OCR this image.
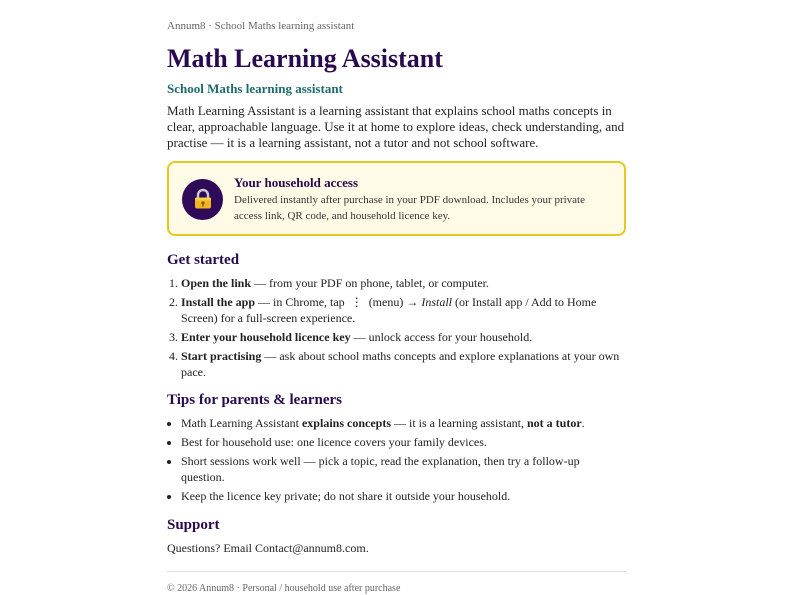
Annum8 · School Maths learning assistant
Math Learning Assistant
School Maths learning assistant

Math Learning Assistant is a learning assistant that explains school maths concepts in clear, approachable language. Use it at home to explore ideas, check understanding, and practise — it is a learning assistant, not a tutor and not school software.

Your household access
Delivered instantly after purchase in your PDF download. Includes your private access link, QR code, and household licence key.
Get started
1. Open the link — from your PDF on phone, tablet, or computer.
2. Install the app — in Chrome, tap ⋮ (menu) → Install (or Install app / Add to Home Screen) for a full-screen experience.
3. Enter your household licence key — unlock access for your household.
4. Start practising — ask about school maths concepts and explore explanations at your own pace.
Tips for parents & learners
• Math Learning Assistant explains concepts — it is a learning assistant, not a tutor.
• Best for household use: one licence covers your family devices.
• Short sessions work well — pick a topic, read the explanation, then try a follow-up question.
• Keep the licence key private; do not share it outside your household.
Support
Questions? Email Contact@annum8.com.
© 2026 Annum8 · Personal / household use after purchase
